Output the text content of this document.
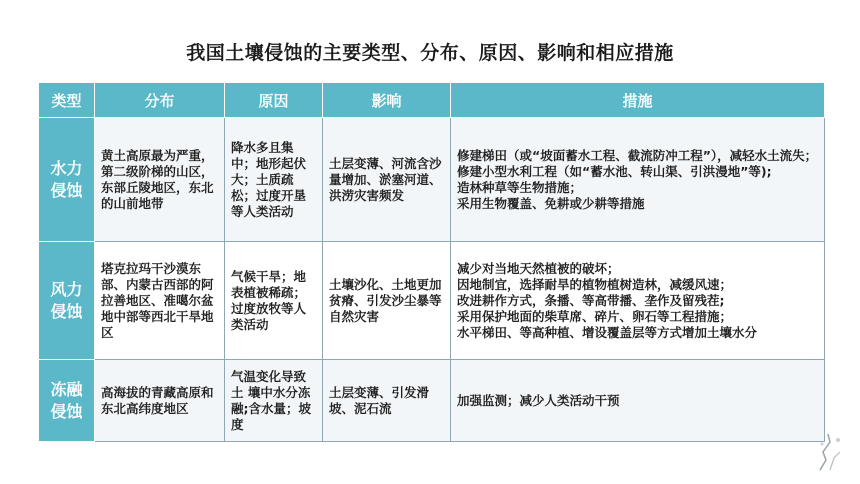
我国土壤侵蚀的主要类型、分布、原因、影响和相应措施
类型	分布	原因	影响	措施
水力侵蚀	黄土高原最为严重，第二级阶梯的山区，东部丘陵地区，东北的山前地带	降水多且集中；地形起伏大；土质疏松；过度开垦等人类活动	土层变薄、河流含沙量增加、淤塞河道、洪涝灾害频发	修建梯田（或“坡面蓄水工程、截流防冲工程”），减轻水土流失；
修建小型水利工程（如“蓄水池、转山渠、引洪漫地”等);
造林种草等生物措施；
采用生物覆盖、免耕或少耕等措施

风力侵蚀	塔克拉玛干沙漠东部、内蒙古西部的阿拉善地区、准噶尔盆地中部等西北干旱地区	气候干旱；地表植被稀疏；过度放牧等人类活动	土壤沙化、土地更加贫瘠、引发沙尘暴等自然灾害	减少对当地天然植被的破坏；
因地制宜，选择耐旱的植物植树造林，减缓风速；
改进耕作方式，条播、等高带播、垄作及留残茬;
采用保护地面的柴草席、碎片、卵石等工程措施；
水平梯田、等高种植、增设覆盖层等方式增加土壤水分

冻融侵蚀	高海拔的青藏高原和东北高纬度地区	气温变化导致土 壤中水分冻融;含水量；坡度	土层变薄、引发滑坡、泥石流	加强监测；减少人类活动干预
